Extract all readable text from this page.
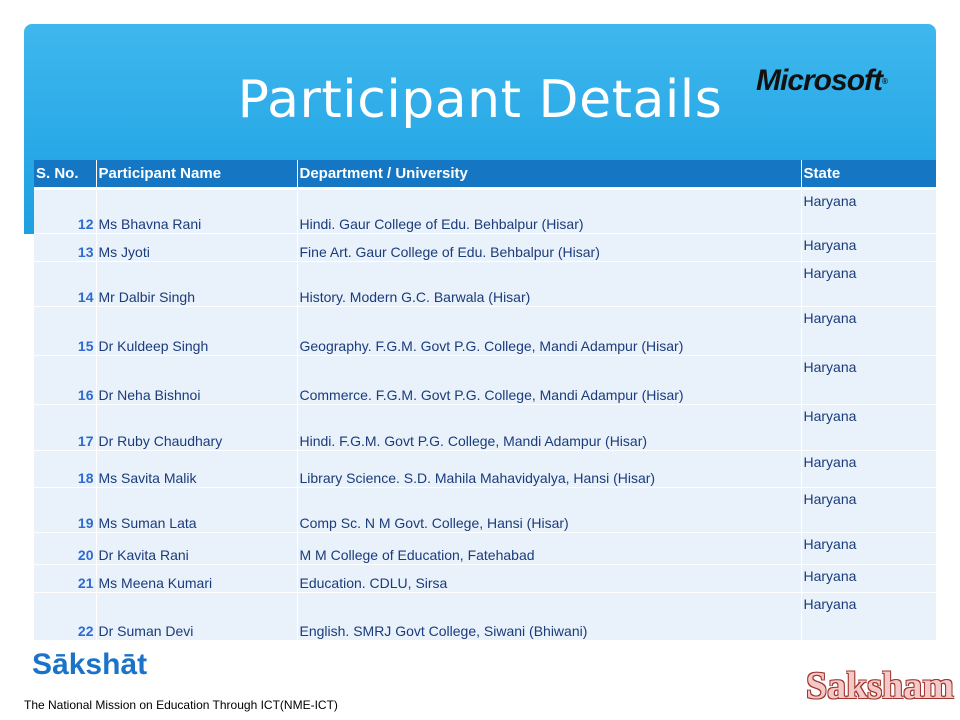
Participant Details	Microsoft®
S. No.	Participant Name	Department / University	State
12	Ms Bhavna Rani	Hindi. Gaur College of Edu. Behbalpur (Hisar)	Haryana
13	Ms Jyoti	Fine Art. Gaur College of Edu. Behbalpur (Hisar)	Haryana
14	Mr Dalbir Singh	History. Modern G.C. Barwala (Hisar)	Haryana
15	Dr Kuldeep Singh	Geography. F.G.M. Govt P.G. College, Mandi Adampur (Hisar)	Haryana
16	Dr Neha Bishnoi	Commerce. F.G.M. Govt P.G. College, Mandi Adampur (Hisar)	Haryana
17	Dr Ruby Chaudhary	Hindi. F.G.M. Govt P.G. College, Mandi Adampur (Hisar)	Haryana
18	Ms Savita Malik	Library Science. S.D. Mahila Mahavidyalya, Hansi (Hisar)	Haryana
19	Ms Suman Lata	Comp Sc. N M Govt. College, Hansi (Hisar)	Haryana
20	Dr Kavita Rani	M M College of Education, Fatehabad	Haryana
21	Ms Meena Kumari	Education. CDLU, Sirsa	Haryana
22	Dr Suman Devi	English. SMRJ Govt College, Siwani (Bhiwani)	Haryana
Sākshāt
The National Mission on Education Through ICT(NME-ICT)	Saksham
